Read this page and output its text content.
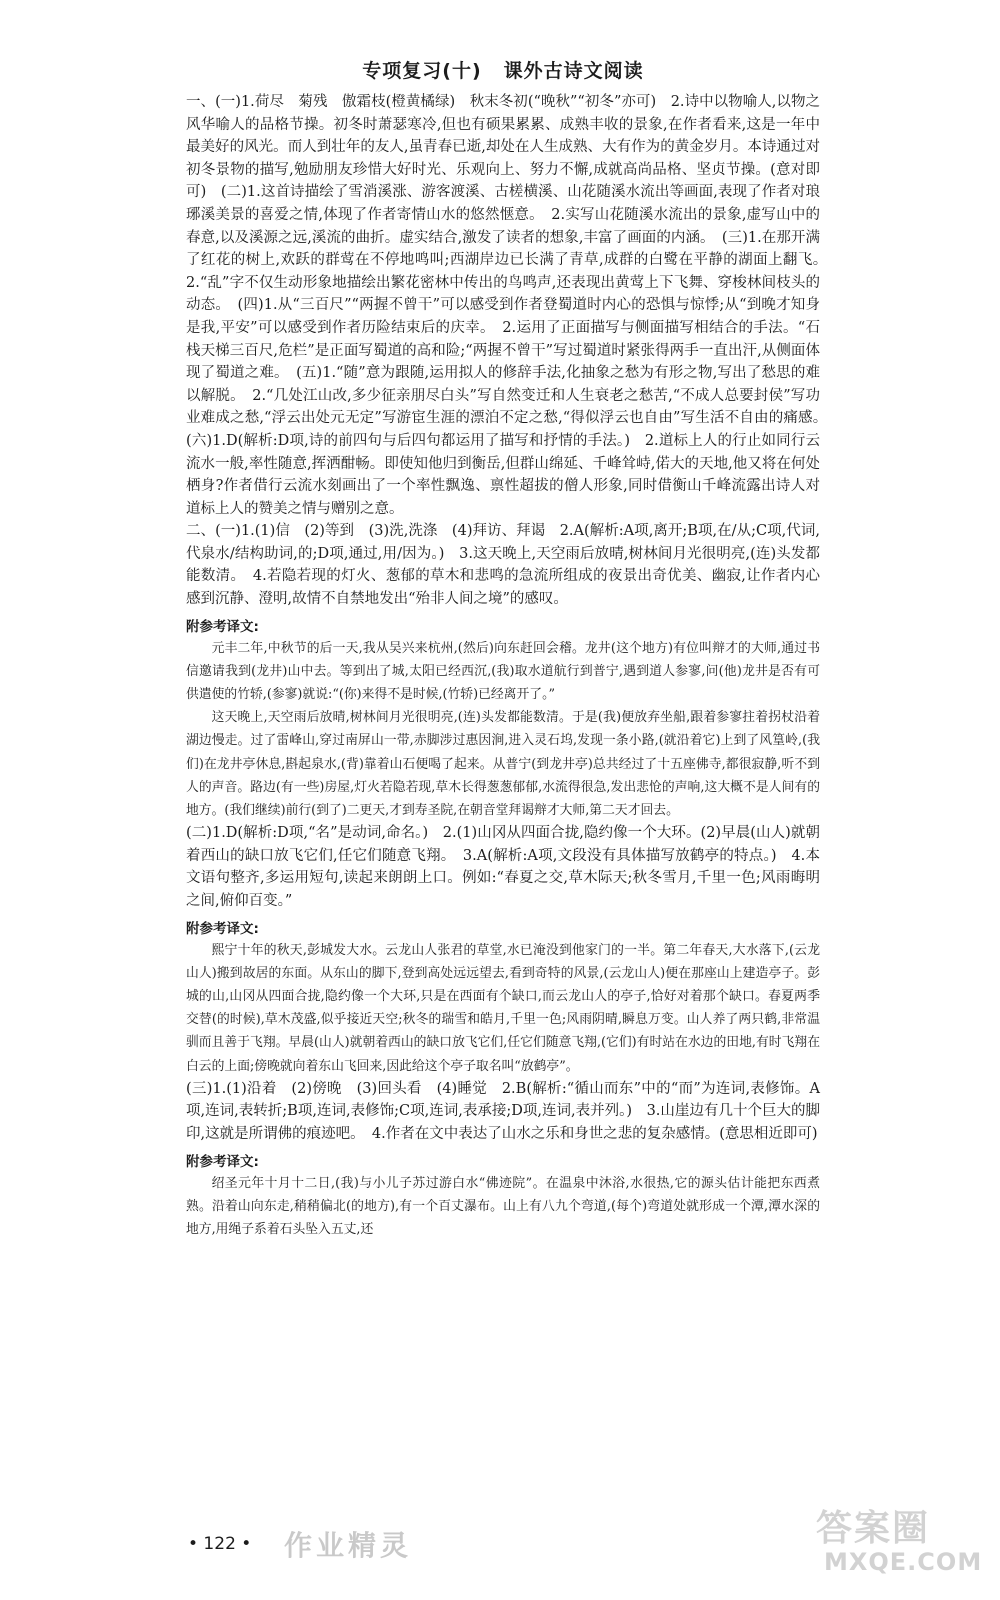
专项复习(十) 课外古诗文阅读

一、(一)1.荷尽　菊残　傲霜枝(橙黄橘绿)　秋末冬初(“晚秋”“初冬”亦可)　2.诗中以物喻人,以物之风华喻人的品格节操。初冬时萧瑟寒冷,但也有硕果累累、成熟丰收的景象,在作者看来,这是一年中最美好的风光。而人到壮年的友人,虽青春已逝,却处在人生成熟、大有作为的黄金岁月。本诗通过对初冬景物的描写,勉励朋友珍惜大好时光、乐观向上、努力不懈,成就高尚品格、坚贞节操。(意对即可)　(二)1.这首诗描绘了雪消溪涨、游客渡溪、古槎横溪、山花随溪水流出等画面,表现了作者对琅琊溪美景的喜爱之情,体现了作者寄情山水的悠然惬意。　2.实写山花随溪水流出的景象,虚写山中的春意,以及溪源之远,溪流的曲折。虚实结合,激发了读者的想象,丰富了画面的内涵。　(三)1.在那开满了红花的树上,欢跃的群莺在不停地鸣叫;西湖岸边已长满了青草,成群的白鹭在平静的湖面上翻飞。　2.“乱”字不仅生动形象地描绘出繁花密林中传出的鸟鸣声,还表现出黄莺上下飞舞、穿梭林间枝头的动态。　(四)1.从“三百尺”“两握不曾干”可以感受到作者登蜀道时内心的恐惧与惊悸;从“到晚才知身是我,平安”可以感受到作者历险结束后的庆幸。　2.运用了正面描写与侧面描写相结合的手法。“石栈天梯三百尺,危栏”是正面写蜀道的高和险;“两握不曾干”写过蜀道时紧张得两手一直出汗,从侧面体现了蜀道之难。　(五)1.“随”意为跟随,运用拟人的修辞手法,化抽象之愁为有形之物,写出了愁思的难以解脱。　2.“几处江山改,多少征亲朋尽白头”写自然变迁和人生衰老之愁苦,“不成人总要封侯”写功业难成之愁,“浮云出处元无定”写游宦生涯的漂泊不定之愁,“得似浮云也自由”写生活不自由的痛感。　(六)1.D(解析:D项,诗的前四句与后四句都运用了描写和抒情的手法。)　2.道标上人的行止如同行云流水一般,率性随意,挥洒酣畅。即使知他归到衡岳,但群山绵延、千峰耸峙,偌大的天地,他又将在何处栖身?作者借行云流水刻画出了一个率性飘逸、禀性超拔的僧人形象,同时借衡山千峰流露出诗人对道标上人的赞美之情与赠别之意。

二、(一)1.(1)信　(2)等到　(3)洗,洗涤　(4)拜访、拜谒　2.A(解析:A项,离开;B项,在/从;C项,代词,代泉水/结构助词,的;D项,通过,用/因为。)　3.这天晚上,天空雨后放晴,树林间月光很明亮,(连)头发都能数清。　4.若隐若现的灯火、葱郁的草木和悲鸣的急流所组成的夜景出奇优美、幽寂,让作者内心感到沉静、澄明,故情不自禁地发出“殆非人间之境”的感叹。

附参考译文:

元丰二年,中秋节的后一天,我从吴兴来杭州,(然后)向东赶回会稽。龙井(这个地方)有位叫辩才的大师,通过书信邀请我到(龙井)山中去。等到出了城,太阳已经西沉,(我)取水道航行到普宁,遇到道人参寥,问(他)龙井是否有可供遣使的竹轿,(参寥)就说:“(你)来得不是时候,(竹轿)已经离开了。”

这天晚上,天空雨后放晴,树林间月光很明亮,(连)头发都能数清。于是(我)便放弃坐船,跟着参寥拄着拐杖沿着湖边慢走。过了雷峰山,穿过南屏山一带,赤脚涉过惠因涧,进入灵石坞,发现一条小路,(就沿着它)上到了风篁岭,(我们)在龙井亭休息,斟起泉水,(背)靠着山石便喝了起来。从普宁(到龙井亭)总共经过了十五座佛寺,都很寂静,听不到人的声音。路边(有一些)房屋,灯火若隐若现,草木长得葱葱郁郁,水流得很急,发出悲怆的声响,这大概不是人间有的地方。(我们继续)前行(到了)二更天,才到寿圣院,在朝音堂拜谒辩才大师,第二天才回去。

(二)1.D(解析:D项,“名”是动词,命名。)　2.(1)山冈从四面合拢,隐约像一个大环。(2)早晨(山人)就朝着西山的缺口放飞它们,任它们随意飞翔。　3.A(解析:A项,文段没有具体描写放鹤亭的特点。)　4.本文语句整齐,多运用短句,读起来朗朗上口。例如:“春夏之交,草木际天;秋冬雪月,千里一色;风雨晦明之间,俯仰百变。”

附参考译文:

熙宁十年的秋天,彭城发大水。云龙山人张君的草堂,水已淹没到他家门的一半。第二年春天,大水落下,(云龙山人)搬到故居的东面。从东山的脚下,登到高处远远望去,看到奇特的风景,(云龙山人)便在那座山上建造亭子。彭城的山,山冈从四面合拢,隐约像一个大环,只是在西面有个缺口,而云龙山人的亭子,恰好对着那个缺口。春夏两季交替(的时候),草木茂盛,似乎接近天空;秋冬的瑞雪和皓月,千里一色;风雨阴晴,瞬息万变。山人养了两只鹤,非常温驯而且善于飞翔。早晨(山人)就朝着西山的缺口放飞它们,任它们随意飞翔,(它们)有时站在水边的田地,有时飞翔在白云的上面;傍晚就向着东山飞回来,因此给这个亭子取名叫“放鹤亭”。

(三)1.(1)沿着　(2)傍晚　(3)回头看　(4)睡觉　2.B(解析:“循山而东”中的“而”为连词,表修饰。A项,连词,表转折;B项,连词,表修饰;C项,连词,表承接;D项,连词,表并列。)　3.山崖边有几十个巨大的脚印,这就是所谓佛的痕迹吧。　4.作者在文中表达了山水之乐和身世之悲的复杂感情。(意思相近即可)

附参考译文:

绍圣元年十月十二日,(我)与小儿子苏过游白水“佛迹院”。在温泉中沐浴,水很热,它的源头估计能把东西煮熟。沿着山向东走,稍稍偏北(的地方),有一个百丈瀑布。山上有八九个弯道,(每个)弯道处就形成一个潭,潭水深的地方,用绳子系着石头坠入五丈,还

• 122 • 作业精灵	答案圈
MXQE.COM
